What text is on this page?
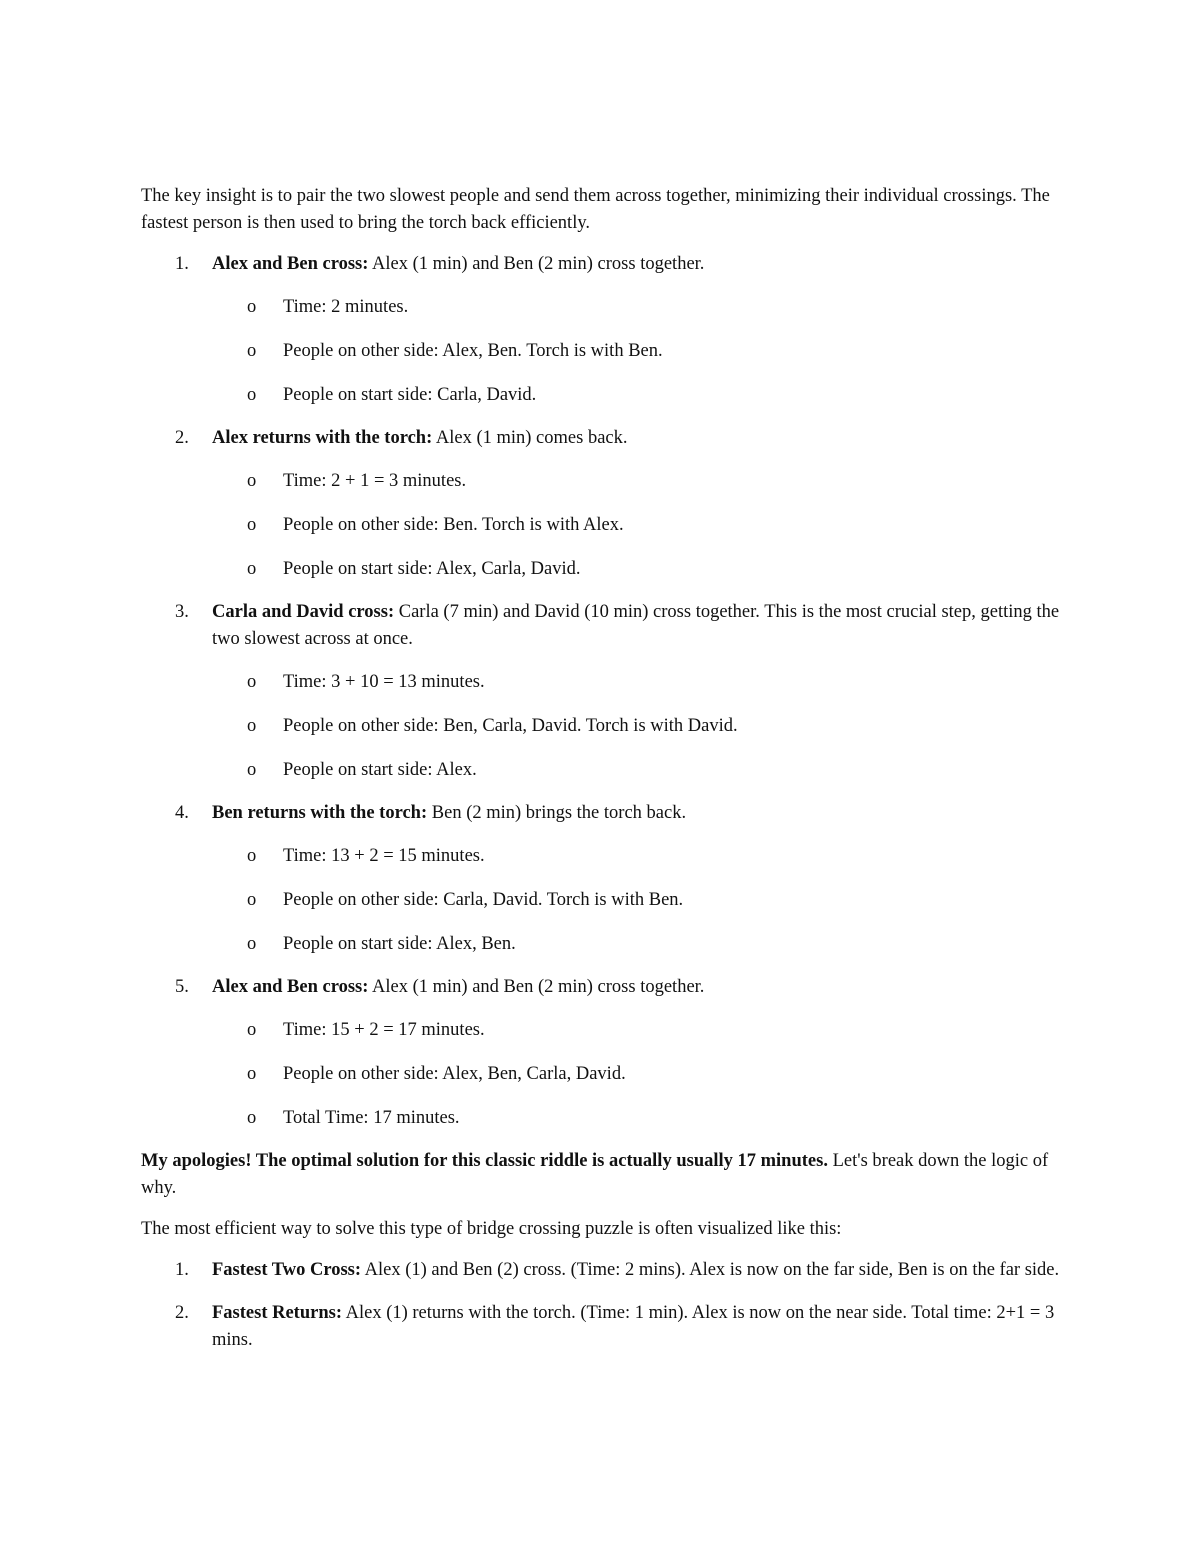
The key insight is to pair the two slowest people and send them across together, minimizing their individual crossings. The fastest person is then used to bring the torch back efficiently.

1. Alex and Ben cross: Alex (1 min) and Ben (2 min) cross together.
o Time: 2 minutes.
o People on other side: Alex, Ben. Torch is with Ben.
o People on start side: Carla, David.
2. Alex returns with the torch: Alex (1 min) comes back.
o Time: 2 + 1 = 3 minutes.
o People on other side: Ben. Torch is with Alex.
o People on start side: Alex, Carla, David.
3. Carla and David cross: Carla (7 min) and David (10 min) cross together. This is the most crucial step, getting the two slowest across at once.
o Time: 3 + 10 = 13 minutes.
o People on other side: Ben, Carla, David. Torch is with David.
o People on start side: Alex.
4. Ben returns with the torch: Ben (2 min) brings the torch back.
o Time: 13 + 2 = 15 minutes.
o People on other side: Carla, David. Torch is with Ben.
o People on start side: Alex, Ben.
5. Alex and Ben cross: Alex (1 min) and Ben (2 min) cross together.
o Time: 15 + 2 = 17 minutes.
o People on other side: Alex, Ben, Carla, David.
o Total Time: 17 minutes.

My apologies! The optimal solution for this classic riddle is actually usually 17 minutes. Let's break down the logic of why.

The most efficient way to solve this type of bridge crossing puzzle is often visualized like this:

1. Fastest Two Cross: Alex (1) and Ben (2) cross. (Time: 2 mins). Alex is now on the far side, Ben is on the far side.
2. Fastest Returns: Alex (1) returns with the torch. (Time: 1 min). Alex is now on the near side. Total time: 2+1 = 3 mins.
